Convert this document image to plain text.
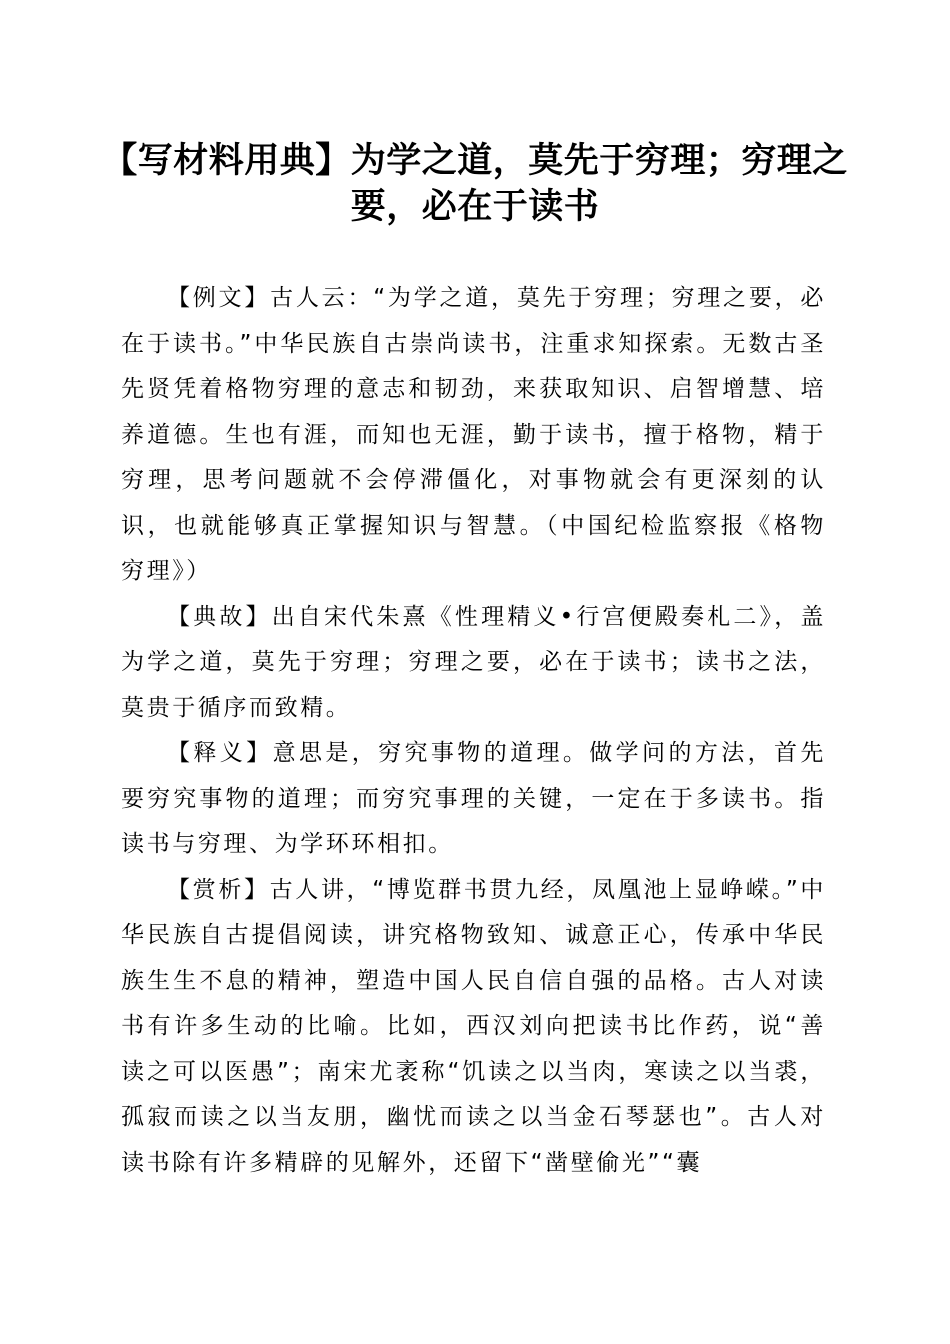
【写材料用典】为学之道，莫先于穷理；穷理之要，必在于读书

【例文】古人云：“为学之道，莫先于穷理；穷理之要，必在于读书。”中华民族自古崇尚读书，注重求知探索。无数古圣先贤凭着格物穷理的意志和韧劲，来获取知识、启智增慧、培养道德。生也有涯，而知也无涯，勤于读书，擅于格物，精于穷理，思考问题就不会停滞僵化，对事物就会有更深刻的认识，也就能够真正掌握知识与智慧。（中国纪检监察报《格物穷理》）

【典故】出自宋代朱熹《性理精义•行宫便殿奏札二》，盖为学之道，莫先于穷理；穷理之要，必在于读书；读书之法，莫贵于循序而致精。

【释义】意思是，穷究事物的道理。做学问的方法，首先要穷究事物的道理；而穷究事理的关键，一定在于多读书。指读书与穷理、为学环环相扣。

【赏析】古人讲，“博览群书贯九经，凤凰池上显峥嵘。”中华民族自古提倡阅读，讲究格物致知、诚意正心，传承中华民族生生不息的精神，塑造中国人民自信自强的品格。古人对读书有许多生动的比喻。比如，西汉刘向把读书比作药，说“善读之可以医愚”；南宋尤袤称“饥读之以当肉，寒读之以当裘，孤寂而读之以当友朋，幽忧而读之以当金石琴瑟也”。古人对读书除有许多精辟的见解外，还留下“凿壁偷光”“囊
